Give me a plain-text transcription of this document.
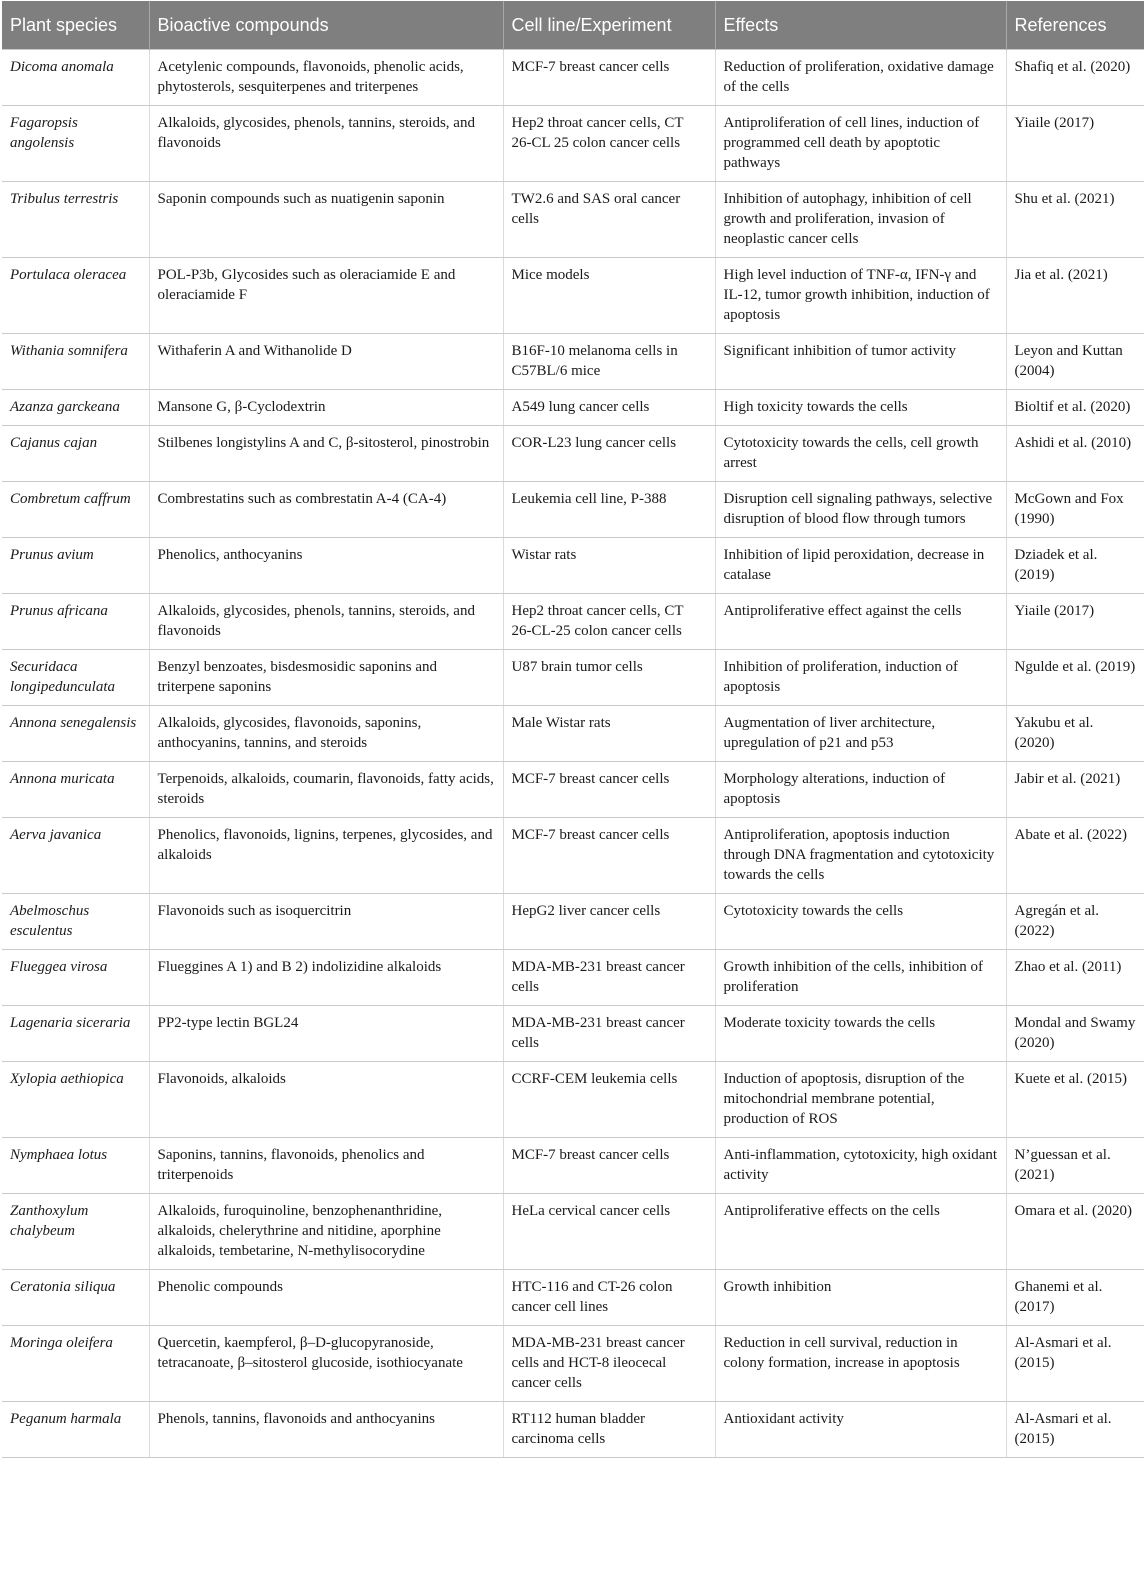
Plant species	Bioactive compounds	Cell line/Experiment	Effects	References
Dicoma anomala	Acetylenic compounds, flavonoids, phenolic acids, phytosterols, sesquiterpenes and triterpenes	MCF-7 breast cancer cells	Reduction of proliferation, oxidative damage of the cells	Shafiq et al. (2020)
Fagaropsis angolensis	Alkaloids, glycosides, phenols, tannins, steroids, and flavonoids	Hep2 throat cancer cells, CT 26-CL 25 colon cancer cells	Antiproliferation of cell lines, induction of programmed cell death by apoptotic pathways	Yiaile (2017)
Tribulus terrestris	Saponin compounds such as nuatigenin saponin	TW2.6 and SAS oral cancer cells	Inhibition of autophagy, inhibition of cell growth and proliferation, invasion of neoplastic cancer cells	Shu et al. (2021)
Portulaca oleracea	POL-P3b, Glycosides such as oleraciamide E and oleraciamide F	Mice models	High level induction of TNF-α, IFN-γ and IL-12, tumor growth inhibition, induction of apoptosis	Jia et al. (2021)
Withania somnifera	Withaferin A and Withanolide D	B16F-10 melanoma cells in C57BL/6 mice	Significant inhibition of tumor activity	Leyon and Kuttan (2004)
Azanza garckeana	Mansone G, β-Cyclodextrin	A549 lung cancer cells	High toxicity towards the cells	Bioltif et al. (2020)
Cajanus cajan	Stilbenes longistylins A and C, β-sitosterol, pinostrobin	COR-L23 lung cancer cells	Cytotoxicity towards the cells, cell growth arrest	Ashidi et al. (2010)
Combretum caffrum	Combrestatins such as combrestatin A-4 (CA-4)	Leukemia cell line, P-388	Disruption cell signaling pathways, selective disruption of blood flow through tumors	McGown and Fox (1990)
Prunus avium	Phenolics, anthocyanins	Wistar rats	Inhibition of lipid peroxidation, decrease in catalase	Dziadek et al. (2019)
Prunus africana	Alkaloids, glycosides, phenols, tannins, steroids, and flavonoids	Hep2 throat cancer cells, CT 26-CL-25 colon cancer cells	Antiproliferative effect against the cells	Yiaile (2017)
Securidaca longipedunculata	Benzyl benzoates, bisdesmosidic saponins and triterpene saponins	U87 brain tumor cells	Inhibition of proliferation, induction of apoptosis	Ngulde et al. (2019)
Annona senegalensis	Alkaloids, glycosides, flavonoids, saponins, anthocyanins, tannins, and steroids	Male Wistar rats	Augmentation of liver architecture, upregulation of p21 and p53	Yakubu et al. (2020)
Annona muricata	Terpenoids, alkaloids, coumarin, flavonoids, fatty acids, steroids	MCF-7 breast cancer cells	Morphology alterations, induction of apoptosis	Jabir et al. (2021)
Aerva javanica	Phenolics, flavonoids, lignins, terpenes, glycosides, and alkaloids	MCF-7 breast cancer cells	Antiproliferation, apoptosis induction through DNA fragmentation and cytotoxicity towards the cells	Abate et al. (2022)
Abelmoschus esculentus	Flavonoids such as isoquercitrin	HepG2 liver cancer cells	Cytotoxicity towards the cells	Agregán et al. (2022)
Flueggea virosa	Flueggines A 1) and B 2) indolizidine alkaloids	MDA-MB-231 breast cancer cells	Growth inhibition of the cells, inhibition of proliferation	Zhao et al. (2011)
Lagenaria siceraria	PP2-type lectin BGL24	MDA-MB-231 breast cancer cells	Moderate toxicity towards the cells	Mondal and Swamy (2020)
Xylopia aethiopica	Flavonoids, alkaloids	CCRF-CEM leukemia cells	Induction of apoptosis, disruption of the mitochondrial membrane potential, production of ROS	Kuete et al. (2015)
Nymphaea lotus	Saponins, tannins, flavonoids, phenolics and triterpenoids	MCF-7 breast cancer cells	Anti-inflammation, cytotoxicity, high oxidant activity	N’guessan et al. (2021)
Zanthoxylum chalybeum	Alkaloids, furoquinoline, benzophenanthridine, alkaloids, chelerythrine and nitidine, aporphine alkaloids, tembetarine, N-methylisocorydine	HeLa cervical cancer cells	Antiproliferative effects on the cells	Omara et al. (2020)
Ceratonia siliqua	Phenolic compounds	HTC-116 and CT-26 colon cancer cell lines	Growth inhibition	Ghanemi et al. (2017)
Moringa oleifera	Quercetin, kaempferol, β–D-glucopyranoside, tetracanoate, β–sitosterol glucoside, isothiocyanate	MDA-MB-231 breast cancer cells and HCT-8 ileocecal cancer cells	Reduction in cell survival, reduction in colony formation, increase in apoptosis	Al-Asmari et al. (2015)
Peganum harmala	Phenols, tannins, flavonoids and anthocyanins	RT112 human bladder carcinoma cells	Antioxidant activity	Al-Asmari et al. (2015)
